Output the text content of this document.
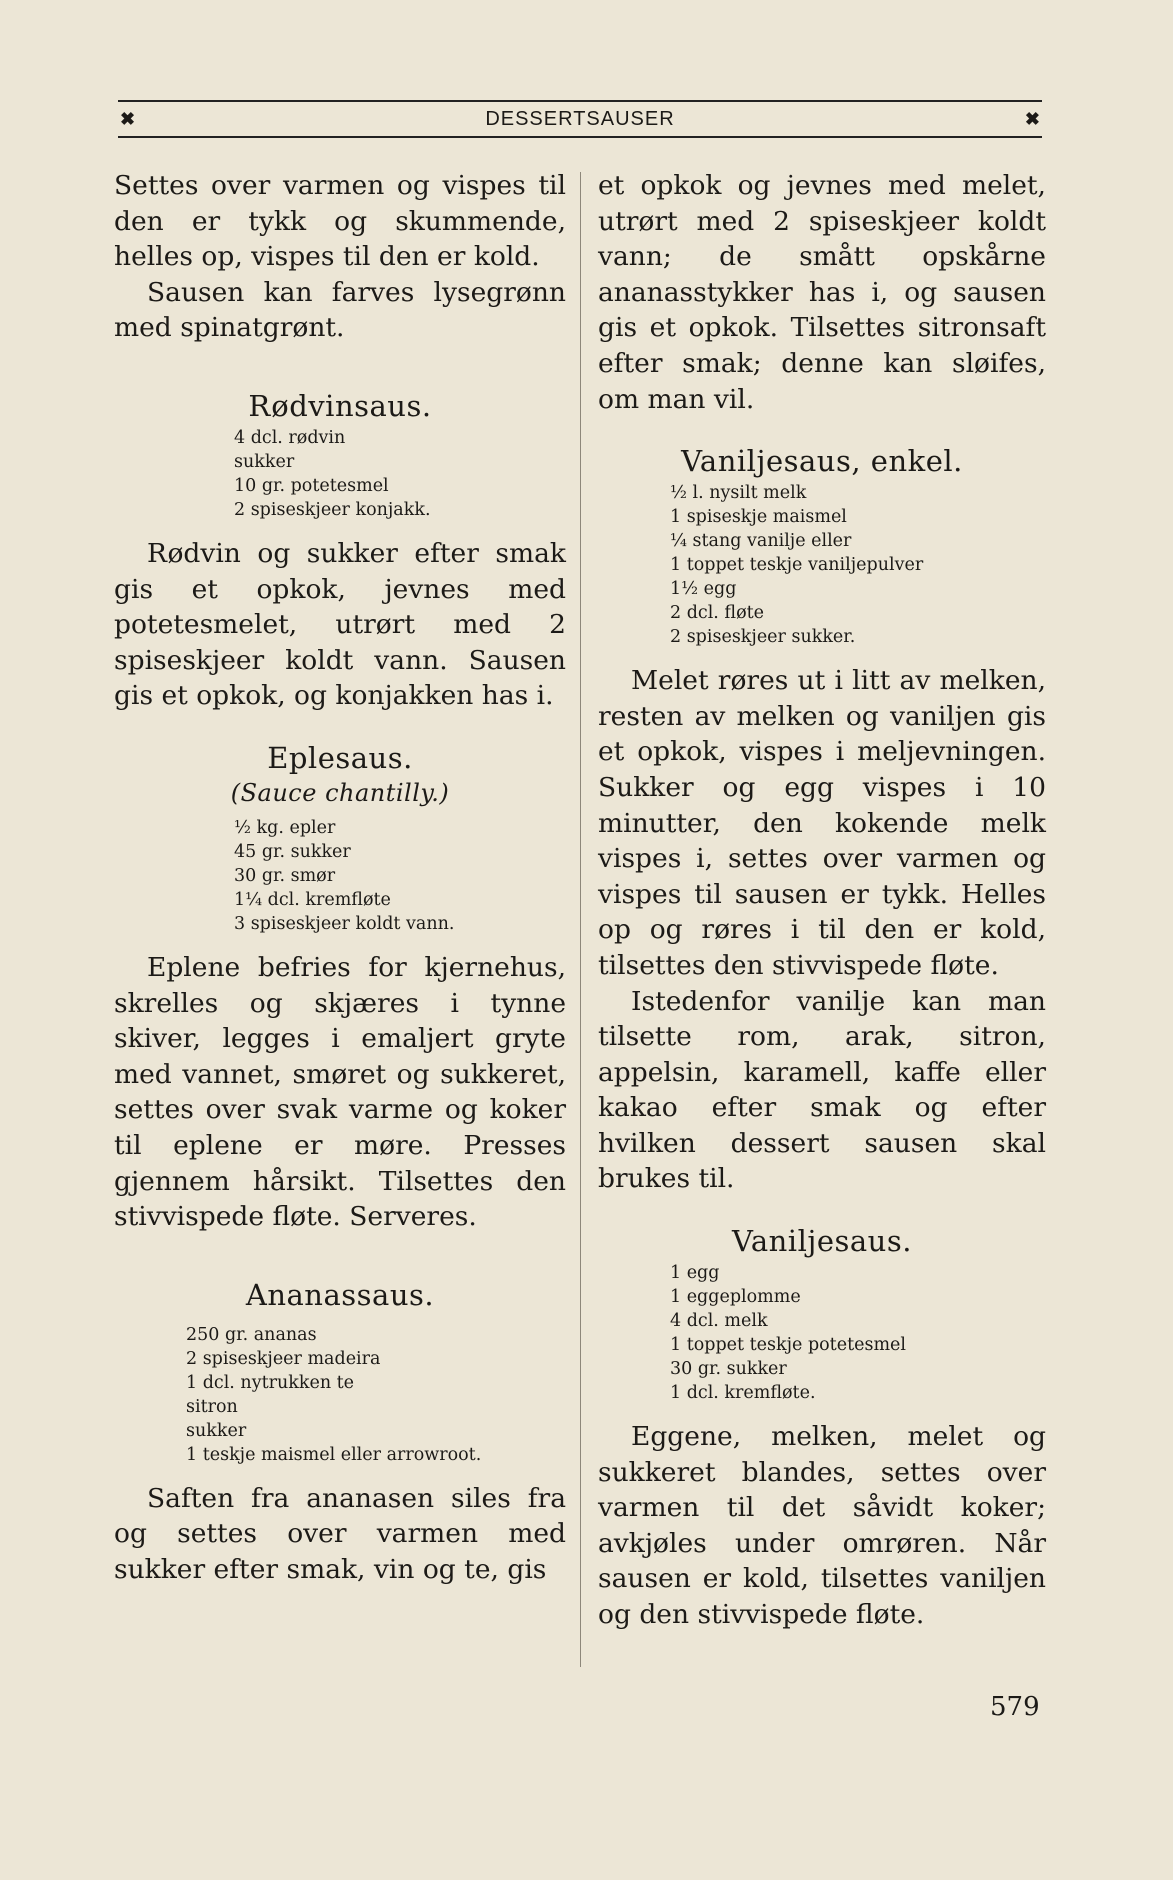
✖	DESSERTSAUSER	✖

Settes over varmen og vispes til den er tykk og skummende, helles op, vispes til den er kold.

Sausen kan farves lysegrønn med spinatgrønt.

Rødvinsaus.
4 dcl. rødvin
sukker
10 gr. potetesmel
2 spiseskjeer konjakk.

Rødvin og sukker efter smak gis et opkok, jevnes med potetesmelet, utrørt med 2 spiseskjeer koldt vann. Sausen gis et opkok, og konjakken has i.

Eplesaus.
(Sauce chantilly.)
½ kg. epler
45 gr. sukker
30 gr. smør
1¼ dcl. kremfløte
3 spiseskjeer koldt vann.

Eplene befries for kjernehus, skrelles og skjæres i tynne skiver, legges i emaljert gryte med vannet, smøret og sukkeret, settes over svak varme og koker til eplene er møre. Presses gjennem hårsikt. Tilsettes den stivvispede fløte. Serveres.

Ananassaus.
250 gr. ananas
2 spiseskjeer madeira
1 dcl. nytrukken te
sitron
sukker
1 teskje maismel eller arrowroot.

Saften fra ananasen siles fra og settes over varmen med sukker efter smak, vin og te, gis

et opkok og jevnes med melet, utrørt med 2 spiseskjeer koldt vann; de smått opskårne ananasstykker has i, og sausen gis et opkok. Tilsettes sitronsaft efter smak; denne kan sløifes, om man vil.

Vaniljesaus, enkel.
½ l. nysilt melk
1 spiseskje maismel
¼ stang vanilje eller
1 toppet teskje vaniljepulver
1½ egg
2 dcl. fløte
2 spiseskjeer sukker.

Melet røres ut i litt av melken, resten av melken og vaniljen gis et opkok, vispes i meljevningen. Sukker og egg vispes i 10 minutter, den kokende melk vispes i, settes over varmen og vispes til sausen er tykk. Helles op og røres i til den er kold, tilsettes den stivvispede fløte.

Istedenfor vanilje kan man tilsette rom, arak, sitron, appelsin, karamell, kaffe eller kakao efter smak og efter hvilken dessert sausen skal brukes til.

Vaniljesaus.
1 egg
1 eggeplomme
4 dcl. melk
1 toppet teskje potetesmel
30 gr. sukker
1 dcl. kremfløte.

Eggene, melken, melet og sukkeret blandes, settes over varmen til det såvidt koker; avkjøles under omrøren. Når sausen er kold, tilsettes vaniljen og den stivvispede fløte.

579
